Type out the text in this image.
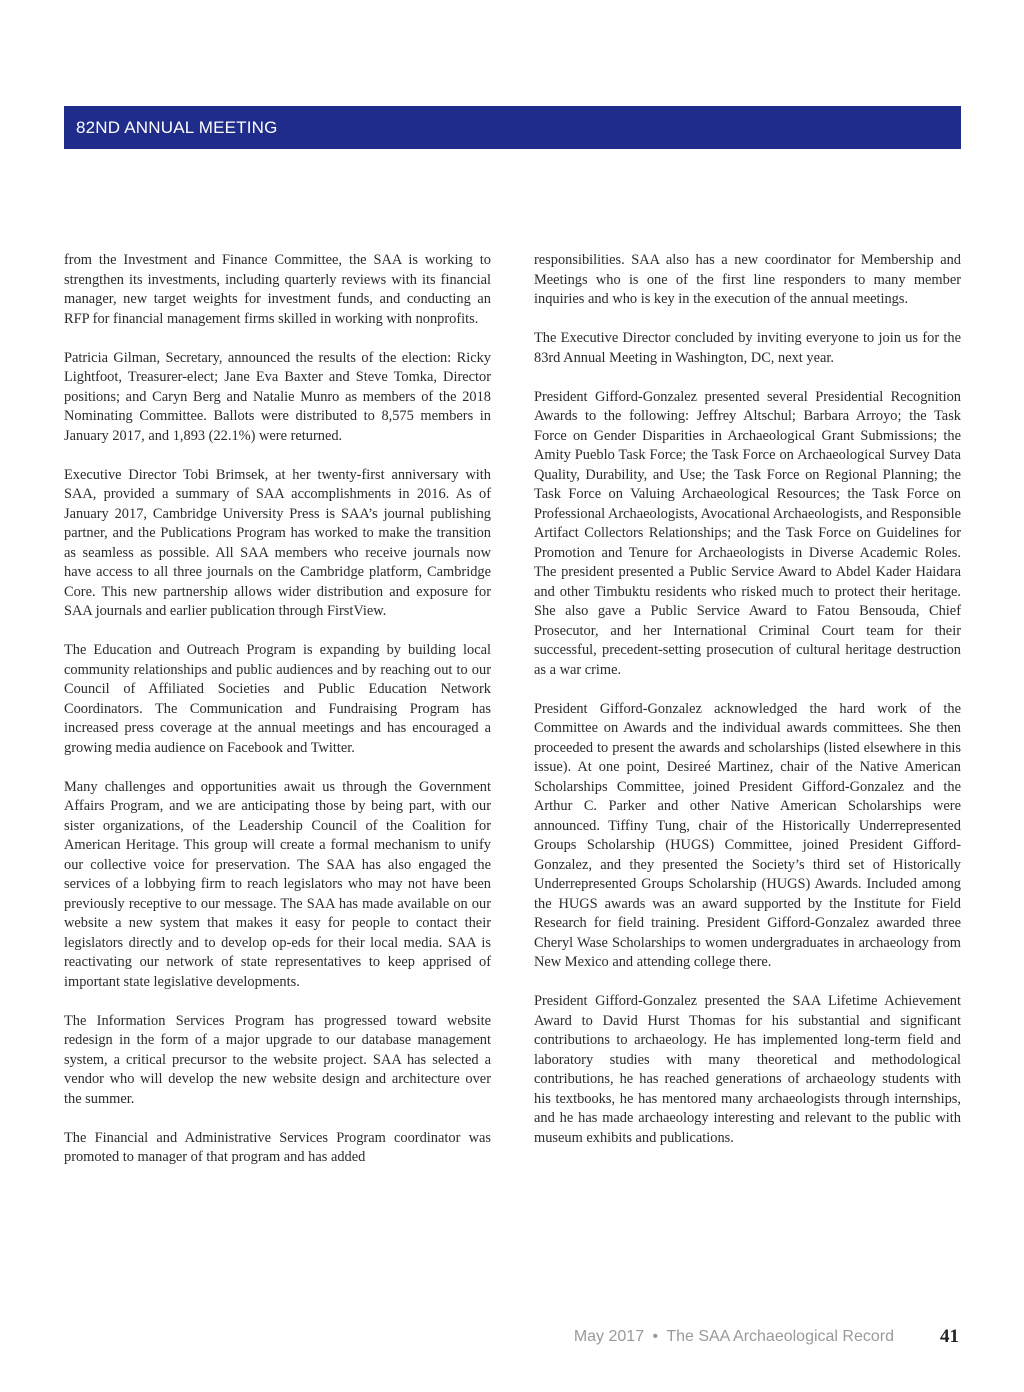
82ND ANNUAL MEETING

from the Investment and Finance Committee, the SAA is working to strengthen its investments, including quarterly reviews with its financial manager, new target weights for investment funds, and conducting an RFP for financial management firms skilled in working with nonprofits.

Patricia Gilman, Secretary, announced the results of the election: Ricky Lightfoot, Treasurer-elect; Jane Eva Baxter and Steve Tomka, Director positions; and Caryn Berg and Natalie Munro as members of the 2018 Nominating Committee. Ballots were distributed to 8,575 members in January 2017, and 1,893 (22.1%) were returned.

Executive Director Tobi Brimsek, at her twenty-first anniversary with SAA, provided a summary of SAA accomplishments in 2016. As of January 2017, Cambridge University Press is SAA’s journal publishing partner, and the Publications Program has worked to make the transition as seamless as possible. All SAA members who receive journals now have access to all three journals on the Cambridge platform, Cambridge Core. This new partnership allows wider distribution and exposure for SAA journals and earlier publication through FirstView.

The Education and Outreach Program is expanding by building local community relationships and public audiences and by reaching out to our Council of Affiliated Societies and Public Education Network Coordinators. The Communication and Fundraising Program has increased press coverage at the annual meetings and has encouraged a growing media audience on Facebook and Twitter.

Many challenges and opportunities await us through the Government Affairs Program, and we are anticipating those by being part, with our sister organizations, of the Leadership Council of the Coalition for American Heritage. This group will create a formal mechanism to unify our collective voice for preservation. The SAA has also engaged the services of a lobbying firm to reach legislators who may not have been previously receptive to our message. The SAA has made available on our website a new system that makes it easy for people to contact their legislators directly and to develop op-eds for their local media. SAA is reactivating our network of state representatives to keep apprised of important state legislative developments.

The Information Services Program has progressed toward website redesign in the form of a major upgrade to our database management system, a critical precursor to the website project. SAA has selected a vendor who will develop the new website design and architecture over the summer.

The Financial and Administrative Services Program coordinator was promoted to manager of that program and has added

responsibilities. SAA also has a new coordinator for Membership and Meetings who is one of the first line responders to many member inquiries and who is key in the execution of the annual meetings.

The Executive Director concluded by inviting everyone to join us for the 83rd Annual Meeting in Washington, DC, next year.

President Gifford-Gonzalez presented several Presidential Recognition Awards to the following: Jeffrey Altschul; Barbara Arroyo; the Task Force on Gender Disparities in Archaeological Grant Submissions; the Amity Pueblo Task Force; the Task Force on Archaeological Survey Data Quality, Durability, and Use; the Task Force on Regional Planning; the Task Force on Valuing Archaeological Resources; the Task Force on Professional Archaeologists, Avocational Archaeologists, and Responsible Artifact Collectors Relationships; and the Task Force on Guidelines for Promotion and Tenure for Archaeologists in Diverse Academic Roles. The president presented a Public Service Award to Abdel Kader Haidara and other Timbuktu residents who risked much to protect their heritage. She also gave a Public Service Award to Fatou Bensouda, Chief Prosecutor, and her International Criminal Court team for their successful, precedent-setting prosecution of cultural heritage destruction as a war crime.

President Gifford-Gonzalez acknowledged the hard work of the Committee on Awards and the individual awards committees. She then proceeded to present the awards and scholarships (listed elsewhere in this issue). At one point, Desireé Martinez, chair of the Native American Scholarships Committee, joined President Gifford-Gonzalez and the Arthur C. Parker and other Native American Scholarships were announced. Tiffiny Tung, chair of the Historically Underrepresented Groups Scholarship (HUGS) Committee, joined President Gifford-Gonzalez, and they presented the Society’s third set of Historically Underrepresented Groups Scholarship (HUGS) Awards. Included among the HUGS awards was an award supported by the Institute for Field Research for field training. President Gifford-Gonzalez awarded three Cheryl Wase Scholarships to women undergraduates in archaeology from New Mexico and attending college there.

President Gifford-Gonzalez presented the SAA Lifetime Achievement Award to David Hurst Thomas for his substantial and significant contributions to archaeology. He has implemented long-term field and laboratory studies with many theoretical and methodological contributions, he has reached generations of archaeology students with his textbooks, he has mentored many archaeologists through internships, and he has made archaeology interesting and relevant to the public with museum exhibits and publications.

May 2017 • The SAA Archaeological Record 41
